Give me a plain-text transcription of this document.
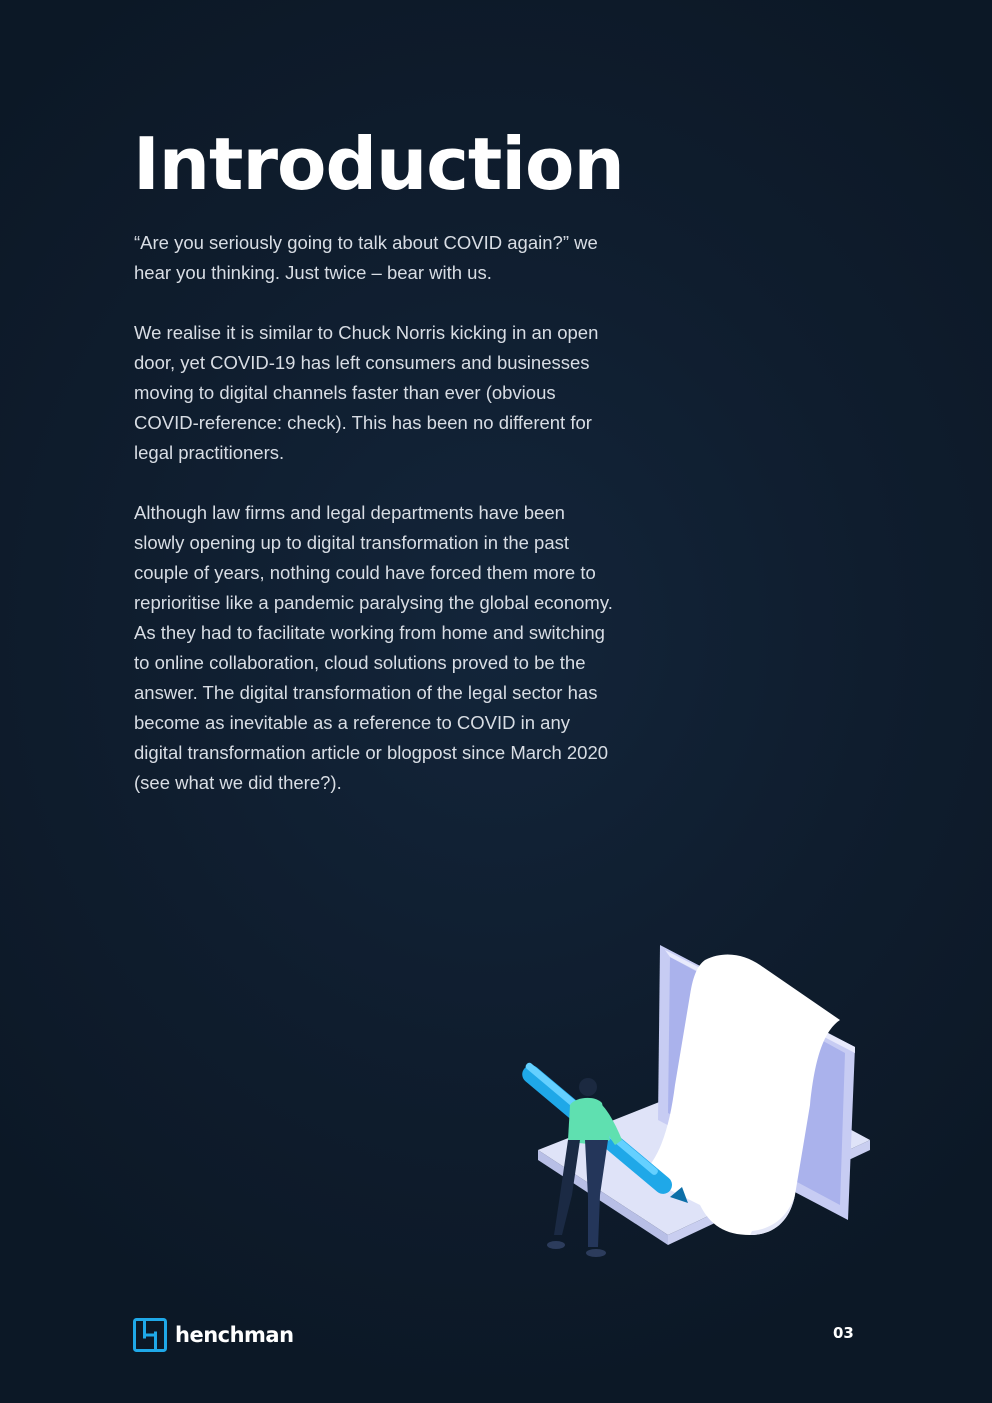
Introduction

“Are you seriously going to talk about COVID again?” we hear you thinking. Just twice – bear with us.

We realise it is similar to Chuck Norris kicking in an open door, yet COVID-19 has left consumers and businesses moving to digital channels faster than ever (obvious COVID-reference: check). This has been no different for legal practitioners.

Although law firms and legal departments have been slowly opening up to digital transformation in the past couple of years, nothing could have forced them more to reprioritise like a pandemic paralysing the global economy. As they had to facilitate working from home and switching to online collaboration, cloud solutions proved to be the answer. The digital transformation of the legal sector has become as inevitable as a reference to COVID in any digital transformation article or blogpost since March 2020 (see what we did there?).

henchman	03
